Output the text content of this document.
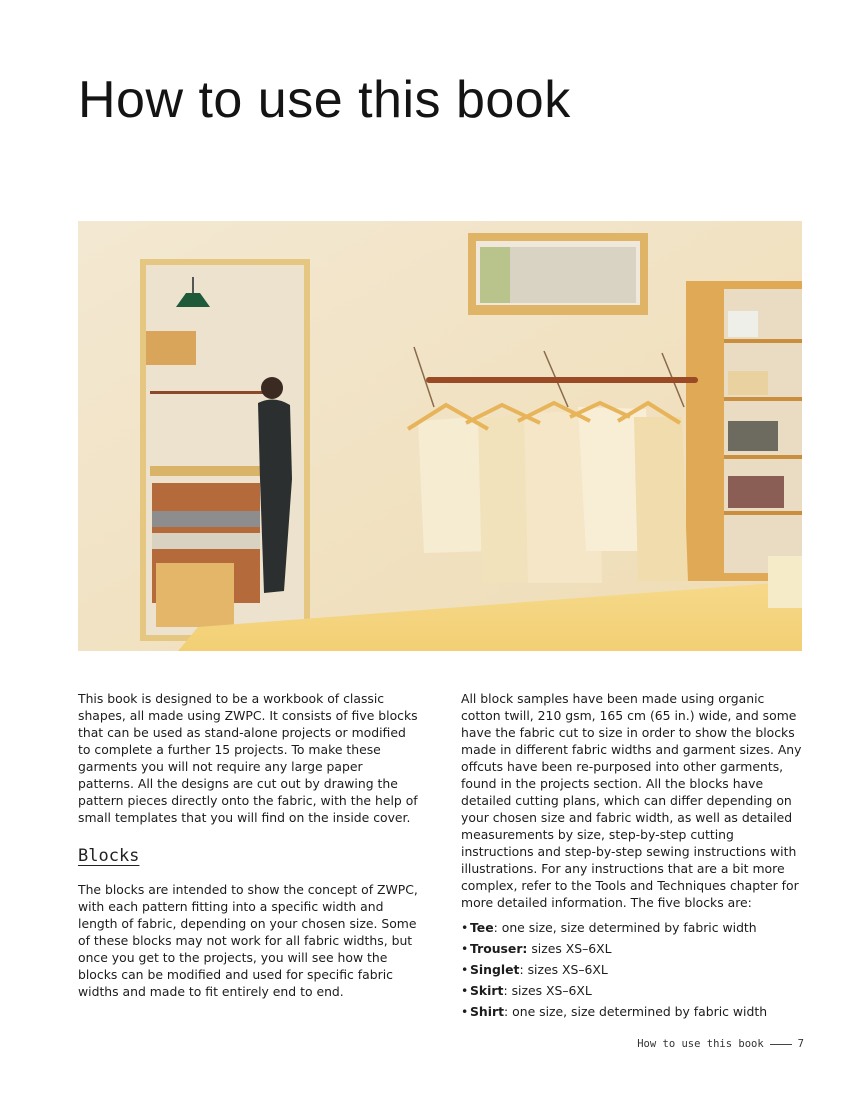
How to use this book

This book is designed to be a workbook of classic shapes, all made using ZWPC. It consists of five blocks that can be used as stand-alone projects or modified to complete a further 15 projects. To make these garments you will not require any large paper patterns. All the designs are cut out by drawing the pattern pieces directly onto the fabric, with the help of small templates that you will find on the inside cover.

Blocks

The blocks are intended to show the concept of ZWPC, with each pattern fitting into a specific width and length of fabric, depending on your chosen size. Some of these blocks may not work for all fabric widths, but once you get to the projects, you will see how the blocks can be modified and used for specific fabric widths and made to fit entirely end to end.

All block samples have been made using organic cotton twill, 210 gsm, 165 cm (65 in.) wide, and some have the fabric cut to size in order to show the blocks made in different fabric widths and garment sizes. Any offcuts have been re-purposed into other garments, found in the projects section. All the blocks have detailed cutting plans, which can differ depending on your chosen size and fabric width, as well as detailed measurements by size, step-by-step cutting instructions and step-by-step sewing instructions with illustrations. For any instructions that are a bit more complex, refer to the Tools and Techniques chapter for more detailed information. The five blocks are:

• Tee: one size, size determined by fabric width
• Trouser: sizes XS–6XL
• Singlet: sizes XS–6XL
• Skirt: sizes XS–6XL
• Shirt: one size, size determined by fabric width
How to use this book	7
